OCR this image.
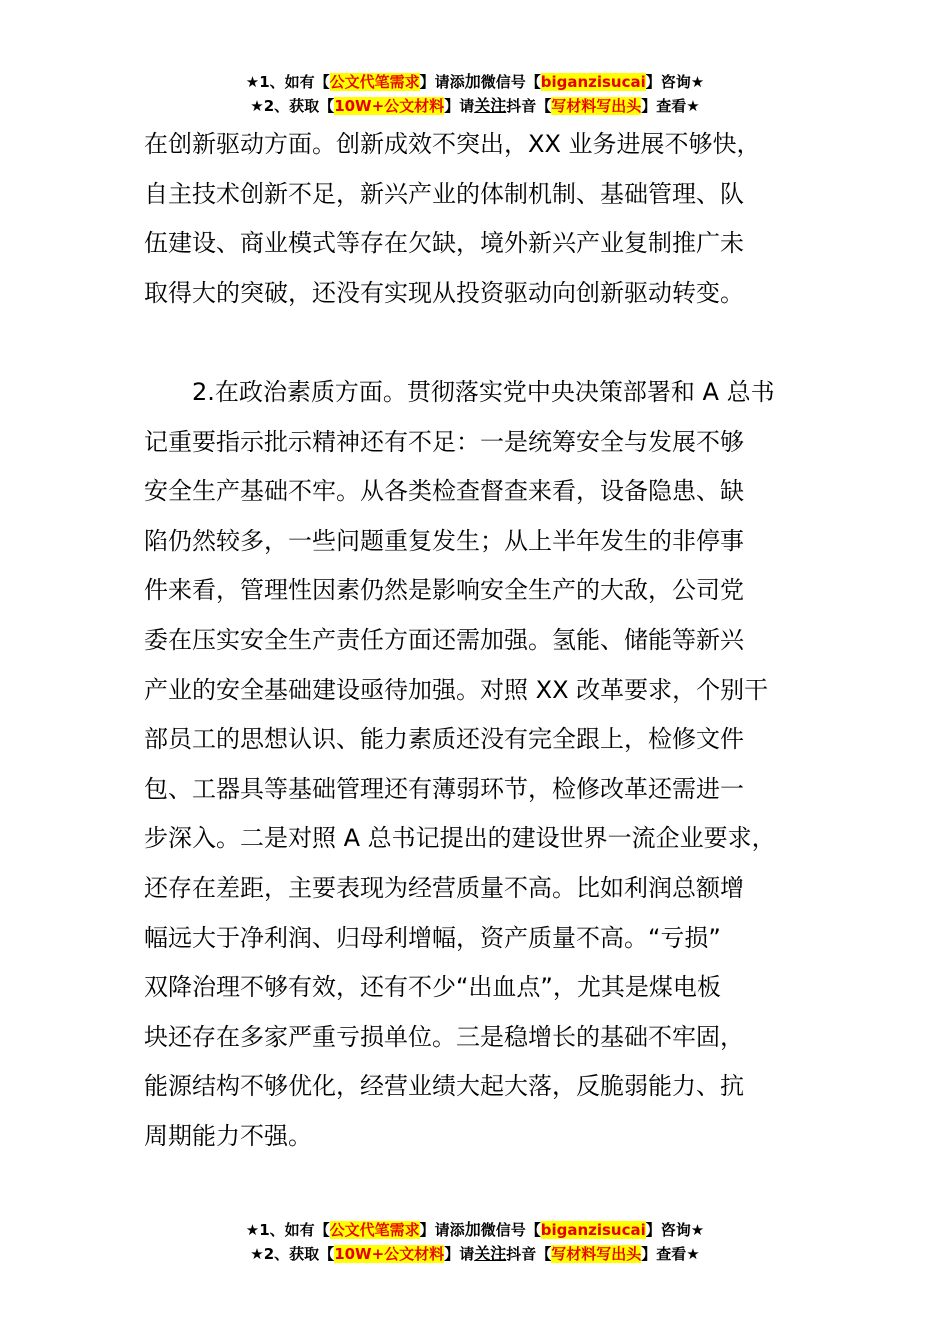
★1、如有【公文代笔需求】请添加微信号【biganzisucai】咨询★
★2、获取【10W+公文材料】请关注抖音【写材料写出头】查看★
在创新驱动方面。创新成效不突出，XX 业务进展不够快，
自主技术创新不足，新兴产业的体制机制、基础管理、队
伍建设、商业模式等存在欠缺，境外新兴产业复制推广未
取得大的突破，还没有实现从投资驱动向创新驱动转变。
2.在政治素质方面。贯彻落实党中央决策部署和 A 总书
记重要指示批示精神还有不足：一是统筹安全与发展不够
安全生产基础不牢。从各类检查督查来看，设备隐患、缺
陷仍然较多，一些问题重复发生；从上半年发生的非停事
件来看，管理性因素仍然是影响安全生产的大敌，公司党
委在压实安全生产责任方面还需加强。氢能、储能等新兴
产业的安全基础建设亟待加强。对照 XX 改革要求，个别干
部员工的思想认识、能力素质还没有完全跟上，检修文件
包、工器具等基础管理还有薄弱环节，检修改革还需进一
步深入。二是对照 A 总书记提出的建设世界一流企业要求，
还存在差距，主要表现为经营质量不高。比如利润总额增
幅远大于净利润、归母利增幅，资产质量不高。“亏损”
双降治理不够有效，还有不少“出血点”，尤其是煤电板
块还存在多家严重亏损单位。三是稳增长的基础不牢固，
能源结构不够优化，经营业绩大起大落，反脆弱能力、抗
周期能力不强。
★1、如有【公文代笔需求】请添加微信号【biganzisucai】咨询★
★2、获取【10W+公文材料】请关注抖音【写材料写出头】查看★
